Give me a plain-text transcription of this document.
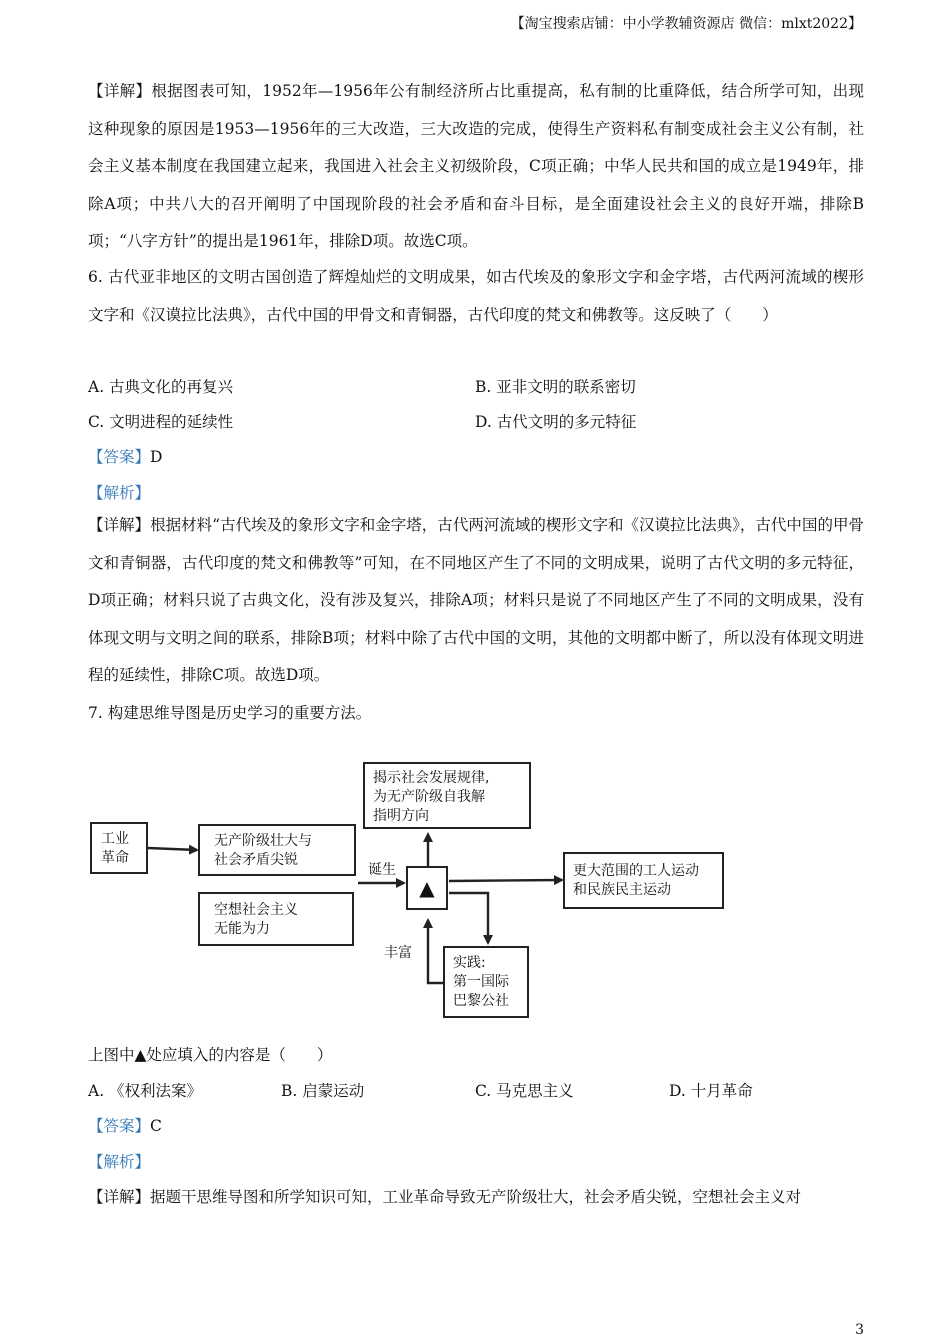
【淘宝搜索店铺：中小学教辅资源店 微信：mlxt2022】

【详解】根据图表可知，1952年—1956年公有制经济所占比重提高，私有制的比重降低，结合所学可知，出现这种现象的原因是1953—1956年的三大改造，三大改造的完成，使得生产资料私有制变成社会主义公有制，社会主义基本制度在我国建立起来，我国进入社会主义初级阶段，C项正确；中华人民共和国的成立是1949年，排除A项；中共八大的召开阐明了中国现阶段的社会矛盾和奋斗目标，是全面建设社会主义的良好开端，排除B项；“八字方针”的提出是1961年，排除D项。故选C项。

6. 古代亚非地区的文明古国创造了辉煌灿烂的文明成果，如古代埃及的象形文字和金字塔，古代两河流域的楔形文字和《汉谟拉比法典》，古代中国的甲骨文和青铜器，古代印度的梵文和佛教等。这反映了（　　）

A. 古典文化的再复兴	B. 亚非文明的联系密切
C. 文明进程的延续性	D. 古代文明的多元特征
【答案】D
【解析】

【详解】根据材料“古代埃及的象形文字和金字塔，古代两河流域的楔形文字和《汉谟拉比法典》，古代中国的甲骨文和青铜器，古代印度的梵文和佛教等”可知，在不同地区产生了不同的文明成果，说明了古代文明的多元特征，D项正确；材料只说了古典文化，没有涉及复兴，排除A项；材料只是说了不同地区产生了不同的文明成果，没有体现文明与文明之间的联系，排除B项；材料中除了古代中国的文明，其他的文明都中断了，所以没有体现文明进程的延续性，排除C项。故选D项。

7. 构建思维导图是历史学习的重要方法。
工业
革命
无产阶级壮大与
社会矛盾尖锐
空想社会主义
无能为力
▲
揭示社会发展规律,
为无产阶级自我解
指明方向
更大范围的工人运动
和民族民主运动
实践:
第一国际
巴黎公社
诞生
丰富
上图中▲处应填入的内容是（　　）
A. 《权利法案》	B. 启蒙运动	C. 马克思主义	D. 十月革命
【答案】C
【解析】
【详解】据题干思维导图和所学知识可知，工业革命导致无产阶级壮大，社会矛盾尖锐，空想社会主义对
3
